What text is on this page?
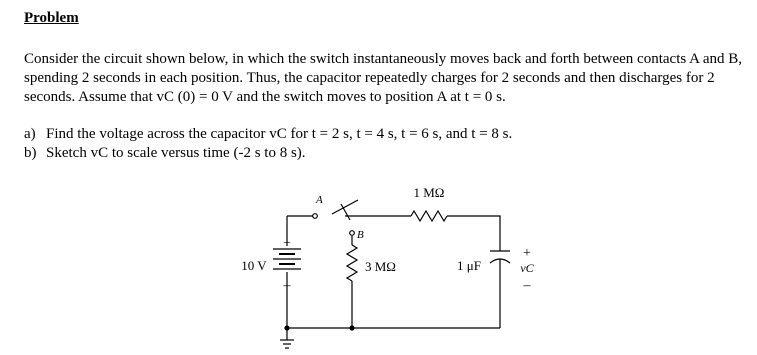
Problem
Consider the circuit shown below, in which the switch instantaneously moves back and forth between contacts A and B, spending 2 seconds in each position. Thus, the capacitor repeatedly charges for 2 seconds and then discharges for 2 seconds. Assume that vC (0) = 0 V and the switch moves to position A at t = 0 s.
a) Find the voltage across the capacitor vC for t = 2 s, t = 4 s, t = 6 s, and t = 8 s.
b) Sketch vC to scale versus time (-2 s to 8 s).
+
10 V
–
A
B
1 MΩ
3 MΩ	1 μF
+
vC
–
